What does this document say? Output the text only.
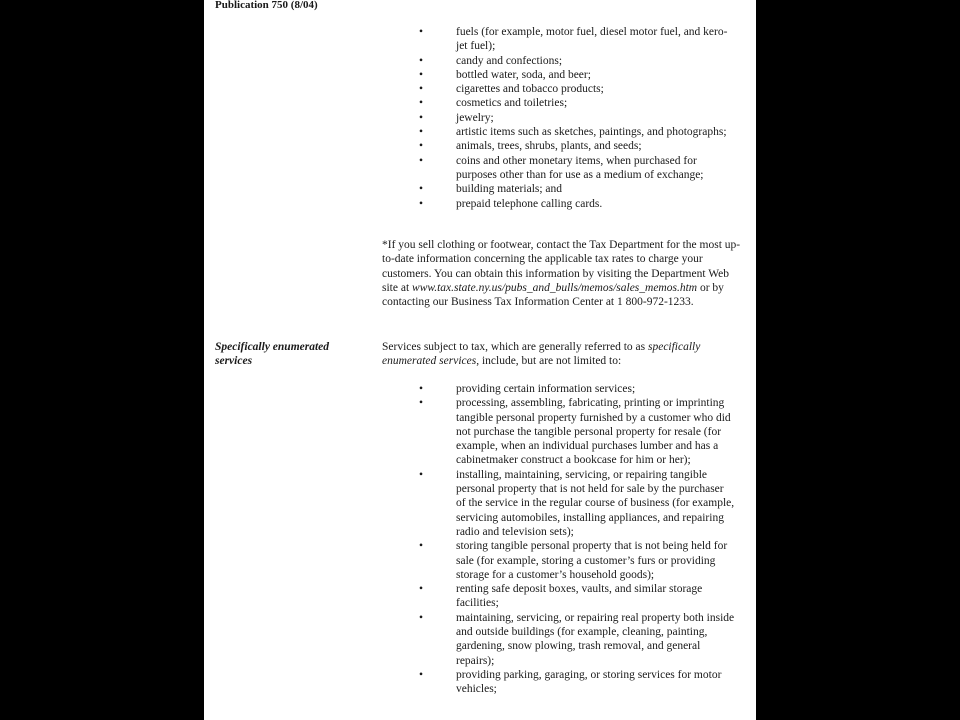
Publication 750 (8/04)
•	fuels (for example, motor fuel, diesel motor fuel, and kero-jet fuel);
•	candy and confections;
•	bottled water, soda, and beer;
•	cigarettes and tobacco products;
•	cosmetics and toiletries;
•	jewelry;
•	artistic items such as sketches, paintings, and photographs;
•	animals, trees, shrubs, plants, and seeds;
•	coins and other monetary items, when purchased for purposes other than for use as a medium of exchange;
•	building materials; and
•	prepaid telephone calling cards.

*If you sell clothing or footwear, contact the Tax Department for the most up-to-date information concerning the applicable tax rates to charge your customers. You can obtain this information by visiting the Department Web site at www.tax.state.ny.us/pubs_and_bulls/memos/sales_memos.htm or by contacting our Business Tax Information Center at 1 800-972-1233.

Specifically enumerated services

Services subject to tax, which are generally referred to as specifically enumerated services, include, but are not limited to:

•	providing certain information services;
•	processing, assembling, fabricating, printing or imprinting tangible personal property furnished by a customer who did not purchase the tangible personal property for resale (for example, when an individual purchases lumber and has a cabinetmaker construct a bookcase for him or her);
•	installing, maintaining, servicing, or repairing tangible personal property that is not held for sale by the purchaser of the service in the regular course of business (for example, servicing automobiles, installing appliances, and repairing radio and television sets);
•	storing tangible personal property that is not being held for sale (for example, storing a customer’s furs or providing storage for a customer’s household goods);
•	renting safe deposit boxes, vaults, and similar storage facilities;
•	maintaining, servicing, or repairing real property both inside and outside buildings (for example, cleaning, painting, gardening, snow plowing, trash removal, and general repairs);
•	providing parking, garaging, or storing services for motor vehicles;
